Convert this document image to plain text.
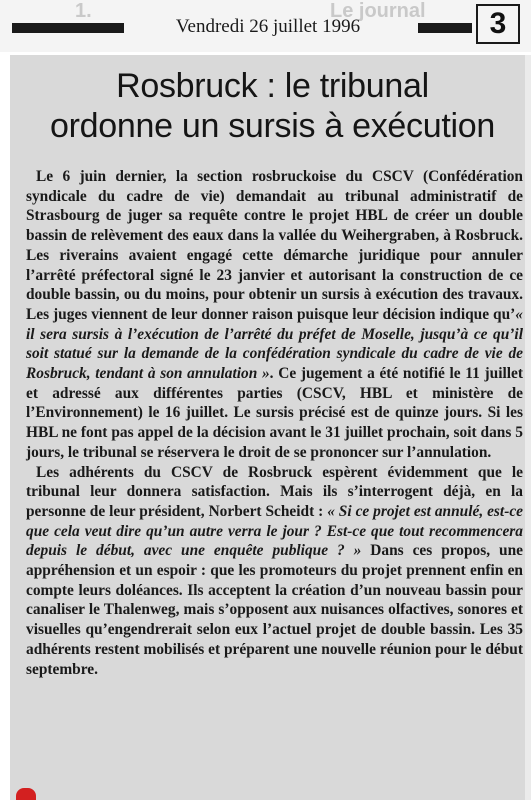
1.	Le journal
Vendredi 26 juillet 1996	3
Rosbruck : le tribunal
ordonne un sursis à exécution

Le 6 juin dernier, la section rosbruckoise du CSCV (Confédération syndicale du cadre de vie) demandait au tribunal administratif de Strasbourg de juger sa requête contre le projet HBL de créer un double bassin de relèvement des eaux dans la vallée du Weihergraben, à Rosbruck. Les riverains avaient engagé cette démarche juridique pour annuler l’arrêté préfectoral signé le 23 janvier et autorisant la construction de ce double bassin, ou du moins, pour obtenir un sursis à exécution des travaux. Les juges viennent de leur donner raison puisque leur décision indique qu’« il sera sursis à l’exécution de l’arrêté du préfet de Moselle, jusqu’à ce qu’il soit statué sur la demande de la confédération syndicale du cadre de vie de Rosbruck, tendant à son annulation ». Ce jugement a été notifié le 11 juillet et adressé aux différentes parties (CSCV, HBL et ministère de l’Environnement) le 16 juillet. Le sursis précisé est de quinze jours. Si les HBL ne font pas appel de la décision avant le 31 juillet prochain, soit dans 5 jours, le tribunal se réservera le droit de se prononcer sur l’annulation.

Les adhérents du CSCV de Rosbruck espèrent évidemment que le tribunal leur donnera satisfaction. Mais ils s’interrogent déjà, en la personne de leur président, Norbert Scheidt : « Si ce projet est annulé, est-ce que cela veut dire qu’un autre verra le jour ? Est-ce que tout recommencera depuis le début, avec une enquête publique ? » Dans ces propos, une appréhension et un espoir : que les promoteurs du projet prennent enfin en compte leurs doléances. Ils acceptent la création d’un nouveau bassin pour canaliser le Thalenweg, mais s’opposent aux nuisances olfactives, sonores et visuelles qu’engendrerait selon eux l’actuel projet de double bassin. Les 35 adhérents restent mobilisés et préparent une nouvelle réunion pour le début septembre.
